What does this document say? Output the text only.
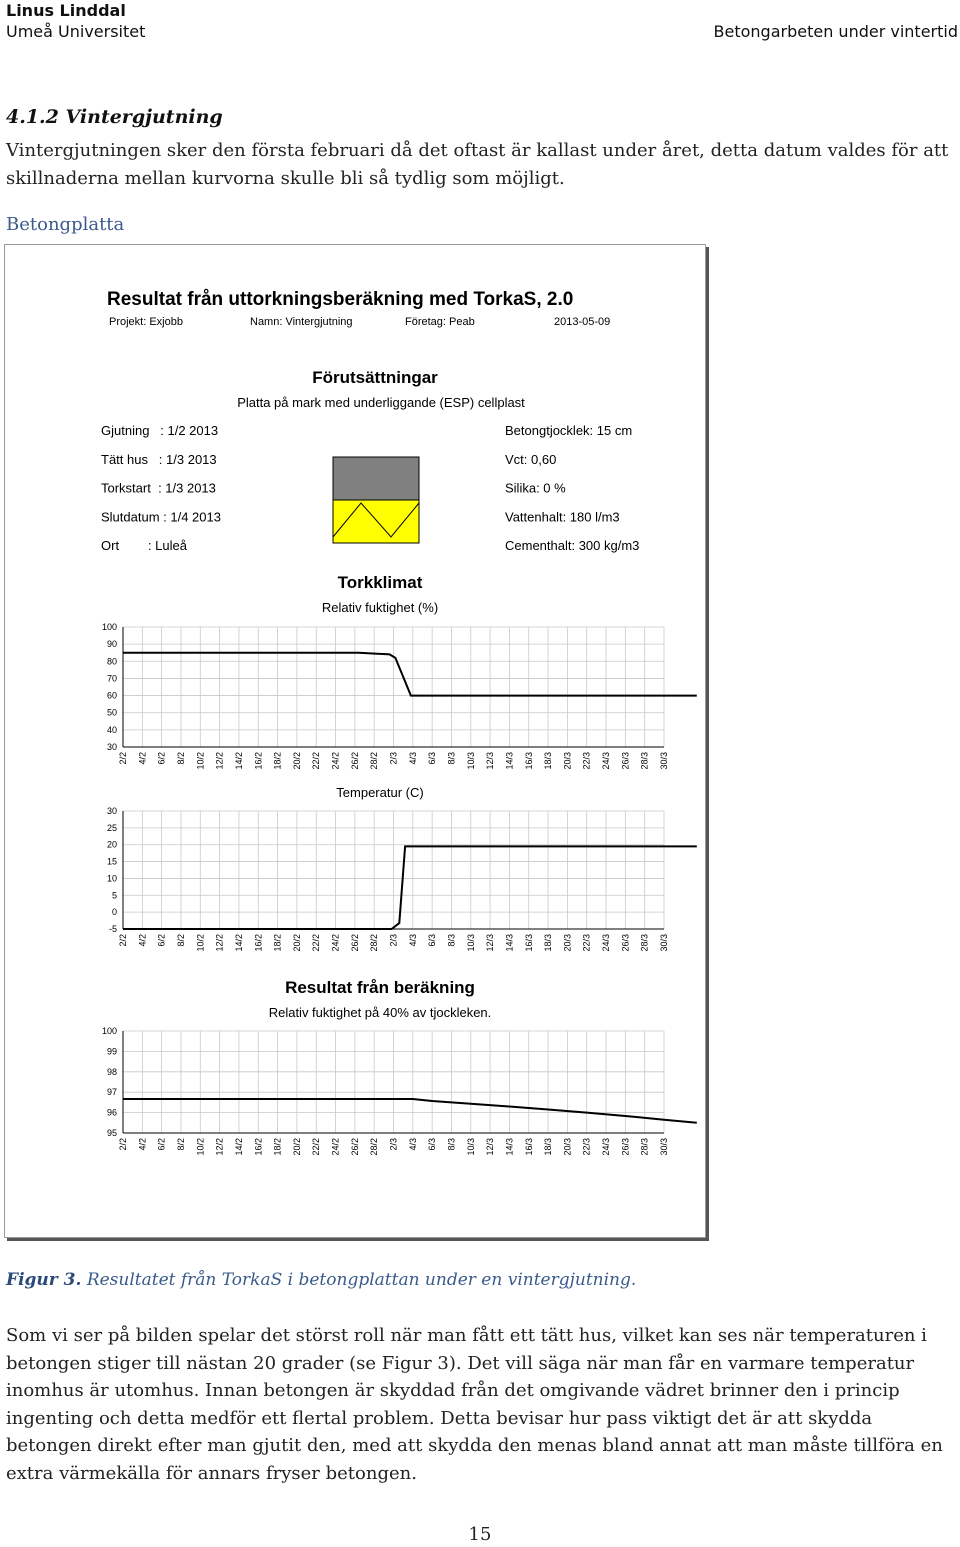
Linus Linddal
Umeå Universitet	Betongarbeten under vintertid
4.1.2 Vintergjutning
Vintergjutningen sker den första februari då det oftast är kallast under året, detta datum valdes för att skillnaderna mellan kurvorna skulle bli så tydlig som möjligt.
Betongplatta
Resultat från uttorkningsberäkning med TorkaS, 2.0
Projekt: Exjobb	Namn: Vintergjutning	Företag: Peab	2013-05-09
Förutsättningar
Platta på mark med underliggande (ESP) cellplast
Gjutning   : 1/2 2013
Tätt hus   : 1/3 2013
Torkstart  : 1/3 2013
Slutdatum : 1/4 2013
Ort        : Luleå
Betongtjocklek: 15 cm
Vct: 0,60
Silika: 0 %
Vattenhalt: 180 l/m3
Cementhalt: 300 kg/m3
Torkklimat
Resultat från beräkning
Relativ fuktighet (%)
100
90
80
70
60
50
40
30
2/2 4/2 6/2 8/2 10/2 12/2 14/2 16/2 18/2 20/2 22/2 24/2 26/2 28/2 2/3 4/3 6/3 8/3 10/3 12/3 14/3 16/3 18/3 20/3 22/3 24/3 26/3 28/3 30/3
Temperatur (C)
30
25
20
15
10
5
0
-5
2/2 4/2 6/2 8/2 10/2 12/2 14/2 16/2 18/2 20/2 22/2 24/2 26/2 28/2 2/3 4/3 6/3 8/3 10/3 12/3 14/3 16/3 18/3 20/3 22/3 24/3 26/3 28/3 30/3
Relativ fuktighet på 40% av tjockleken.
100
99
98
97
96
95
2/2 4/2 6/2 8/2 10/2 12/2 14/2 16/2 18/2 20/2 22/2 24/2 26/2 28/2 2/3 4/3 6/3 8/3 10/3 12/3 14/3 16/3 18/3 20/3 22/3 24/3 26/3 28/3 30/3
Figur 3. Resultatet från TorkaS i betongplattan under en vintergjutning.
Som vi ser på bilden spelar det störst roll när man fått ett tätt hus, vilket kan ses när temperaturen i betongen stiger till nästan 20 grader (se Figur 3). Det vill säga när man får en varmare temperatur inomhus är utomhus. Innan betongen är skyddad från det omgivande vädret brinner den i princip ingenting och detta medför ett flertal problem. Detta bevisar hur pass viktigt det är att skydda betongen direkt efter man gjutit den, med att skydda den menas bland annat att man måste tillföra en extra värmekälla för annars fryser betongen.
15
